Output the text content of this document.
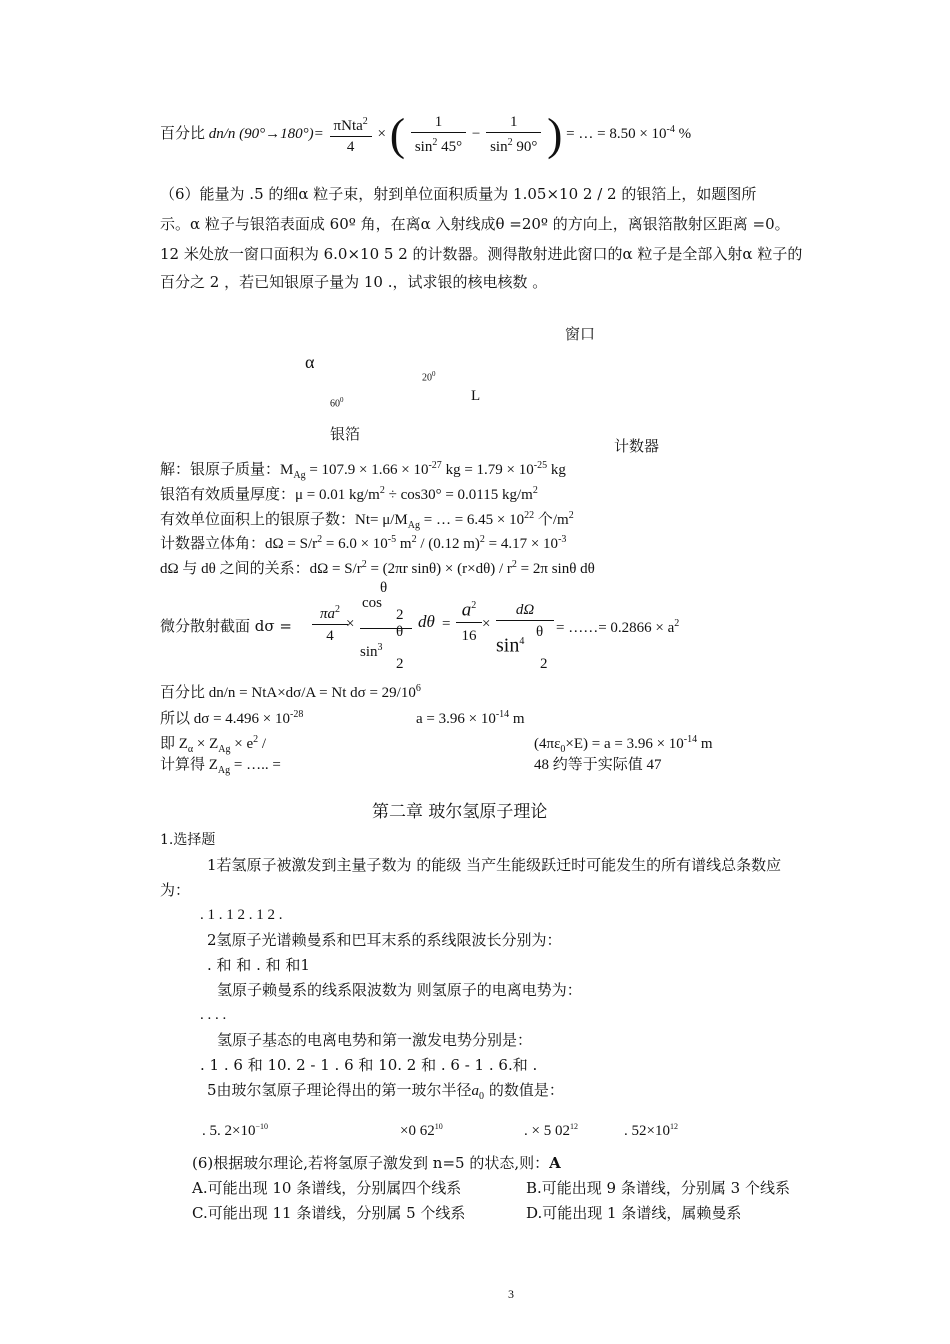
百分比 dn/n $(90^\circ\to 180^\circ)= \frac{\pi Nta^2}{4}$ × ( $\frac{1}{\sin^2 45^\circ} - \frac{1}{\sin^2 90^\circ}$ ) = … = $8.50 \times 10^{-4}$ %
（6）能量为 .5 的细α 粒子束，射到单位面积质量为 1.05×10 2 / 2 的银箔上，如题图所
示。α 粒子与银箔表面成 60º 角，在离α 入射线成θ =20º 的方向上，离银箔散射区距离 =0。
12 米处放一窗口面积为 6.0×10 5 2 的计数器。测得散射进此窗口的α 粒子是全部入射α 粒子的
百分之 2 ，若已知银原子量为 10 .，试求银的核电核数 。
窗口
α
$20^0$
$60^0$	L
银箔
计数器
解：银原子质量：$M_{Ag} = 107.9 \times 1.66 \times 10^{-27}$ kg = $1.79 \times 10^{-25}$ kg
银箔有效质量厚度：μ = 0.01 $kg/m^2 \div \cos 30^\circ = 0.0115$ $kg/m^2$
有效单位面积上的银原子数：$Nt= \mu/M_{Ag}$ = … = $6.45 \times 10^{22}$ 个$/m^2$
计数器立体角：$d\Omega = S/r^2 = 6.0 \times 10^{-5}$ $m^2 / (0.12$ $m)^2 = 4.17 \times 10^{-3}$
dΩ 与 dθ 之间的关系：$d\Omega = S/r^2 = (2\pi r$ $\sin\theta) \times (r\times d\theta) / r^2 = 2\pi$ sinθ dθ
微分散射截面 dσ =
$\pi a^2$
4
×
θ
cos
2
θ
$\sin^3$
2
dθ =
$a^2$
16
×
dΩ
θ
$\sin^4$
2
= ……= $0.2866 \times a^2$
百分比 dn/n = NtA×dσ/A = Nt $d\sigma = 29/10^6$
所以 $d\sigma = 4.496 \times 10^{-28}$	$a = 3.96 \times 10^{-14}$ m
即 $Z_\alpha \times Z_{Ag} \times e^2$ /	$(4\pi\varepsilon_0\times E) = a = 3.96 \times 10^{-14}$ m
计算得 $Z_{Ag}$ = ….. =	48 约等于实际值 47
第二章 玻尔氢原子理论
1.选择题
1若氢原子被激发到主量子数为 的能级 当产生能级跃迁时可能发生的所有谱线总条数应
为：
. 1 . 1 2 . 1 2 .
2氢原子光谱赖曼系和巴耳末系的系线限波长分别为：
. 和 和 . 和 和1
氢原子赖曼系的线系限波数为 则氢原子的电离电势为：
. . . .
氢原子基态的电离电势和第一激发电势分别是：
. 1 . 6 和 10. 2 - 1 . 6 和 10. 2 和 . 6 - 1 . 6.和 .
5由玻尔氢原子理论得出的第一玻尔半径$a_0$ 的数值是：
. 5. $2\times 10^{-10}$	×0 $62^{10}$	. × 5 $02^{12}$	. $52\times 10^{12}$
(6)根据玻尔理论,若将氢原子激发到 n=5 的状态,则：A
A.可能出现 10 条谱线，分别属四个线系	B.可能出现 9 条谱线，分别属 3 个线系
C.可能出现 11 条谱线，分别属 5 个线系	D.可能出现 1 条谱线，属赖曼系
3
